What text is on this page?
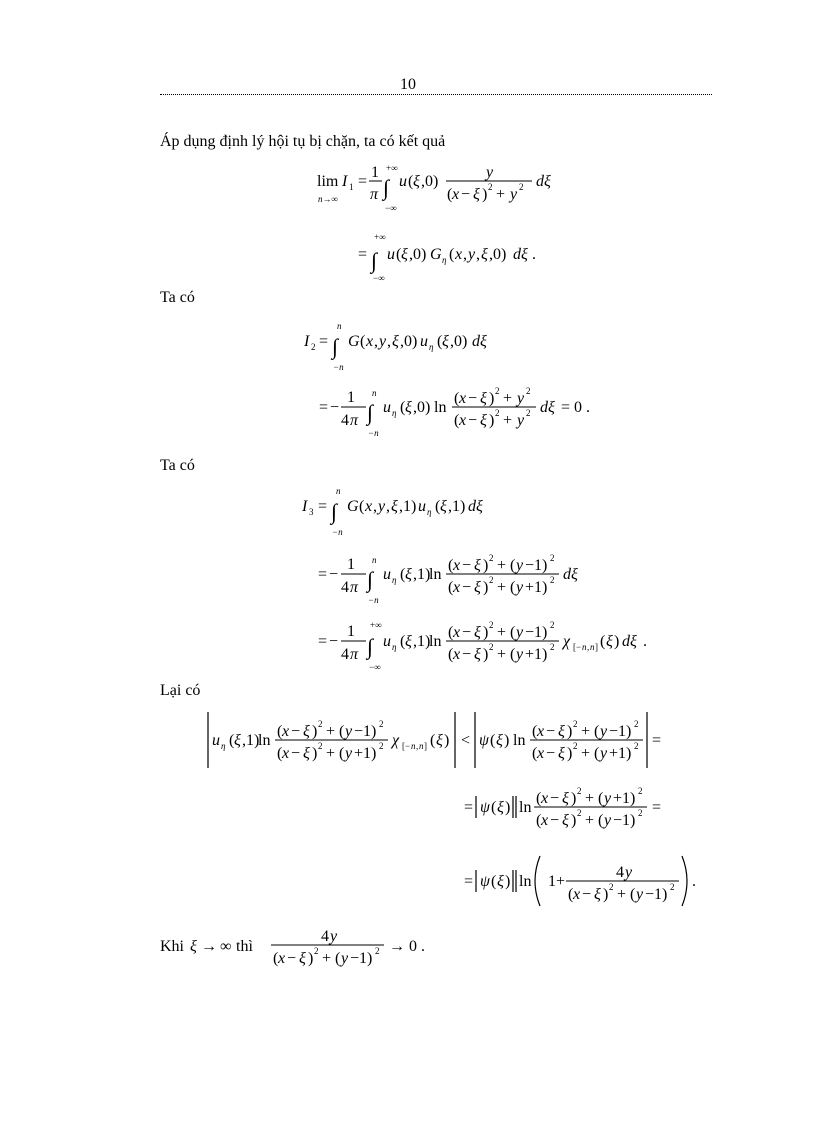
10
Áp dụng định lý hội tụ bị chặn, ta có kết quả
Ta có
Ta có
Lại có
Khi	thì
lim I 1
n→∞
=
1
π ∫
+∞
−∞
u ( ξ ,0)
y
( x − ξ ) 2 + y 2 dξ
= ∫
+∞
−∞
u ( ξ ,0) G η ( x , y , ξ ,0) dξ .
I 2 = ∫
n
−n
G ( x , y , ξ ,0) u η ( ξ ,0) dξ
= −
1
4 π ∫
n
−n
u η ( ξ ,0) ln
( x − ξ ) 2 + y 2
( x − ξ ) 2 + y 2 dξ = 0 .
I 3 = ∫
n
−n
G ( x , y , ξ ,1) u η ( ξ ,1) dξ
= −
1
4 π ∫
n
−n
u η ( ξ ,1)
ln
( x − ξ ) 2 + ( y −1) 2
( x − ξ ) 2 + ( y +1) 2 dξ
= −
1
4 π ∫
+∞
−∞
u η ( ξ ,1)
ln
( x − ξ ) 2 + ( y −1) 2
( x − ξ ) 2 + ( y +1) 2 χ [− n , n ] ( ξ ) dξ .
u η ( ξ ,1)
ln
( x − ξ ) 2 + ( y −1) 2
( x − ξ ) 2 + ( y +1) 2 χ [− n , n ] ( ξ ) < ψ ( ξ ) ln
( x − ξ ) 2 + ( y −1) 2
( x − ξ ) 2 + ( y +1) 2 =
= ψ ( ξ ) ln
( x − ξ ) 2 + ( y +1) 2
( x − ξ ) 2 + ( y −1) 2 =
= ψ ( ξ ) ln 1+
4 y
( x − ξ ) 2 + ( y −1) 2 .
ξ → ∞
4 y
( x − ξ ) 2 + ( y −1) 2 → 0 .
